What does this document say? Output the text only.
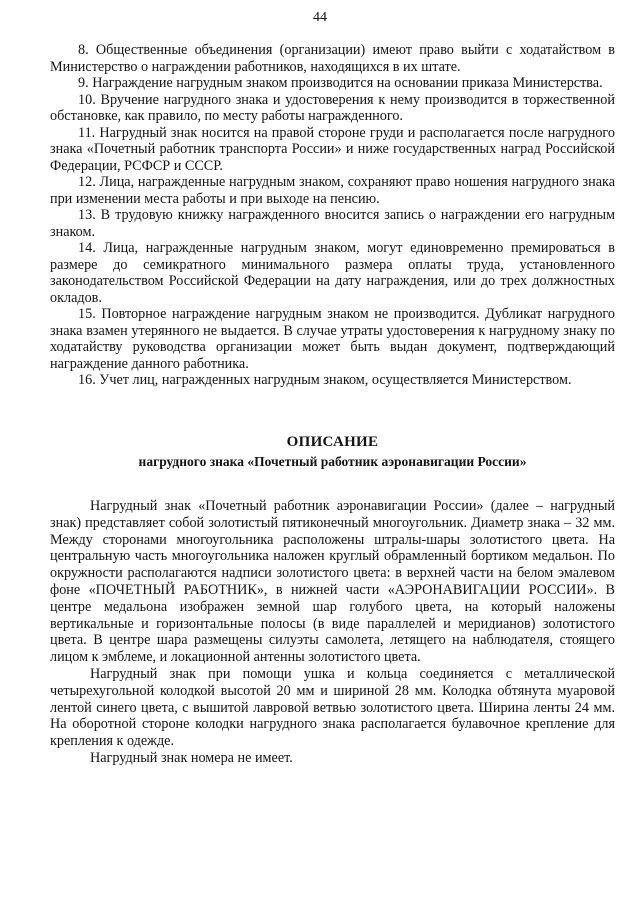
44

8. Общественные объединения (организации) имеют право выйти с ходатайством в Министерство о награждении работников, находящихся в их штате.

9. Награждение нагрудным знаком производится на основании приказа Министерства.

10. Вручение нагрудного знака и удостоверения к нему производится в торжественной обстановке, как правило, по месту работы награжденного.

11. Нагрудный знак носится на правой стороне груди и располагается после нагрудного знака «Почетный работник транспорта России» и ниже государственных наград Российской Федерации, РСФСР и СССР.

12. Лица, награжденные нагрудным знаком, сохраняют право ношения нагрудного знака при изменении места работы и при выходе на пенсию.

13. В трудовую книжку награжденного вносится запись о награждении его нагрудным знаком.

14. Лица, награжденные нагрудным знаком, могут единовременно премироваться в размере до семикратного минимального размера оплаты труда, установленного законодательством Российской Федерации на дату награждения, или до трех должностных окладов.

15. Повторное награждение нагрудным знаком не производится. Дубликат нагрудного знака взамен утерянного не выдается. В случае утраты удостоверения к нагрудному знаку по ходатайству руководства организации может быть выдан документ, подтверждающий награждение данного работника.

16. Учет лиц, награжденных нагрудным знаком, осуществляется Министерством.

ОПИСАНИЕ
нагрудного знака «Почетный работник аэронавигации России»

Нагрудный знак «Почетный работник аэронавигации России» (далее – нагрудный знак) представляет собой золотистый пятиконечный многоугольник. Диаметр знака – 32 мм. Между сторонами многоугольника расположены штралы-шары золотистого цвета. На центральную часть многоугольника наложен круглый обрамленный бортиком медальон. По окружности располагаются надписи золотистого цвета: в верхней части на белом эмалевом фоне «ПОЧЕТНЫЙ РАБОТНИК», в нижней части «АЭРОНАВИГАЦИИ РОССИИ». В центре медальона изображен земной шар голубого цвета, на который наложены вертикальные и горизонтальные полосы (в виде параллелей и меридианов) золотистого цвета. В центре шара размещены силуэты самолета, летящего на наблюдателя, стоящего лицом к эмблеме, и локационной антенны золотистого цвета.

Нагрудный знак при помощи ушка и кольца соединяется с металлической четырехугольной колодкой высотой 20 мм и шириной 28 мм. Колодка обтянута муаровой лентой синего цвета, с вышитой лавровой ветвью золотистого цвета. Ширина ленты 24 мм. На оборотной стороне колодки нагрудного знака располагается булавочное крепление для крепления к одежде.

Нагрудный знак номера не имеет.
